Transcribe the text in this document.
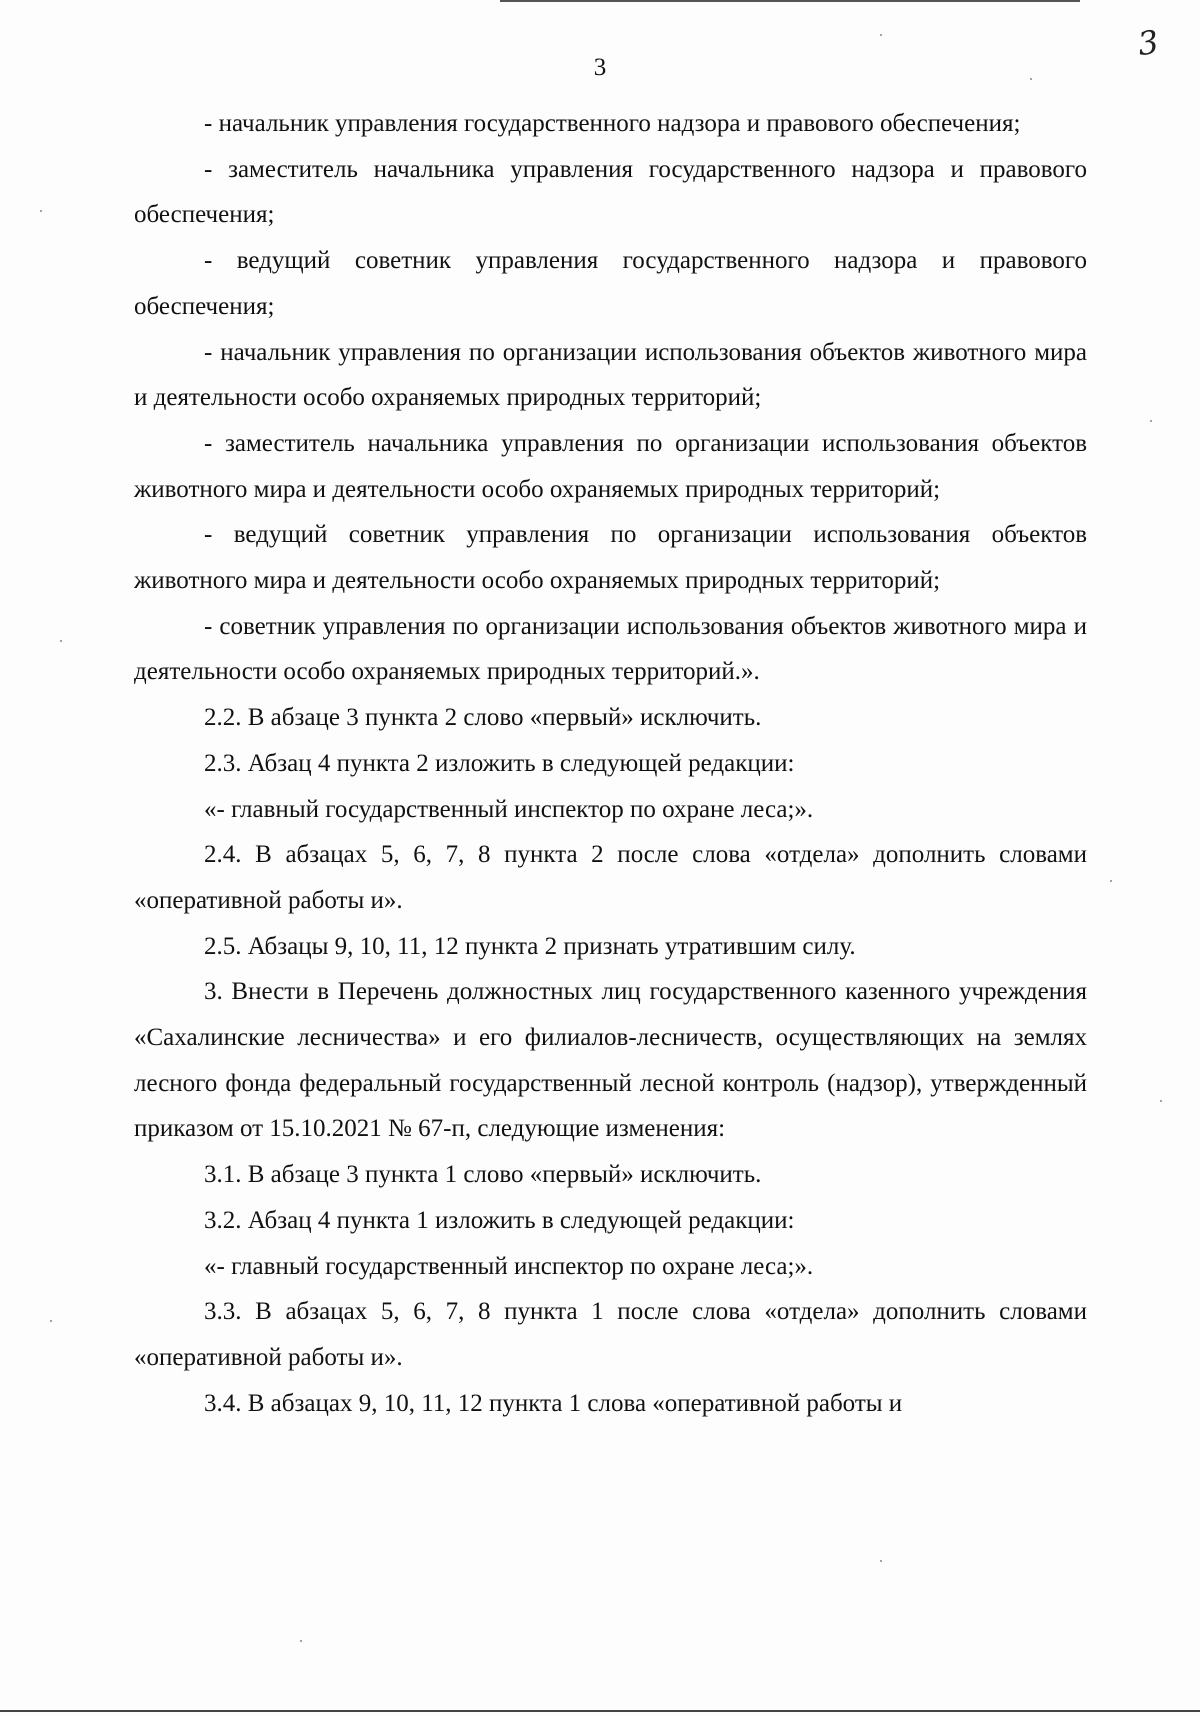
3
3

- начальник управления государственного надзора и правового обеспечения;

- заместитель начальника управления государственного надзора и правового обеспечения;

- ведущий советник управления государственного надзора и правового обеспечения;

- начальник управления по организации использования объектов животного мира и деятельности особо охраняемых природных территорий;

- заместитель начальника управления по организации использования объектов животного мира и деятельности особо охраняемых природных территорий;

- ведущий советник управления по организации использования объектов животного мира и деятельности особо охраняемых природных территорий;

- советник управления по организации использования объектов животного мира и деятельности особо охраняемых природных территорий.».

2.2. В абзаце 3 пункта 2 слово «первый» исключить.

2.3. Абзац 4 пункта 2 изложить в следующей редакции:

«- главный государственный инспектор по охране леса;».

2.4. В абзацах 5, 6, 7, 8 пункта 2 после слова «отдела» дополнить словами «оперативной работы и».

2.5. Абзацы 9, 10, 11, 12 пункта 2 признать утратившим силу.

3. Внести в Перечень должностных лиц государственного казенного учреждения «Сахалинские лесничества» и его филиалов-лесничеств, осуществляющих на землях лесного фонда федеральный государственный лесной контроль (надзор), утвержденный приказом от 15.10.2021 № 67-п, следующие изменения:

3.1. В абзаце 3 пункта 1 слово «первый» исключить.

3.2. Абзац 4 пункта 1 изложить в следующей редакции:

«- главный государственный инспектор по охране леса;».

3.3. В абзацах 5, 6, 7, 8 пункта 1 после слова «отдела» дополнить словами «оперативной работы и».

3.4. В абзацах 9, 10, 11, 12 пункта 1 слова «оперативной работы и
